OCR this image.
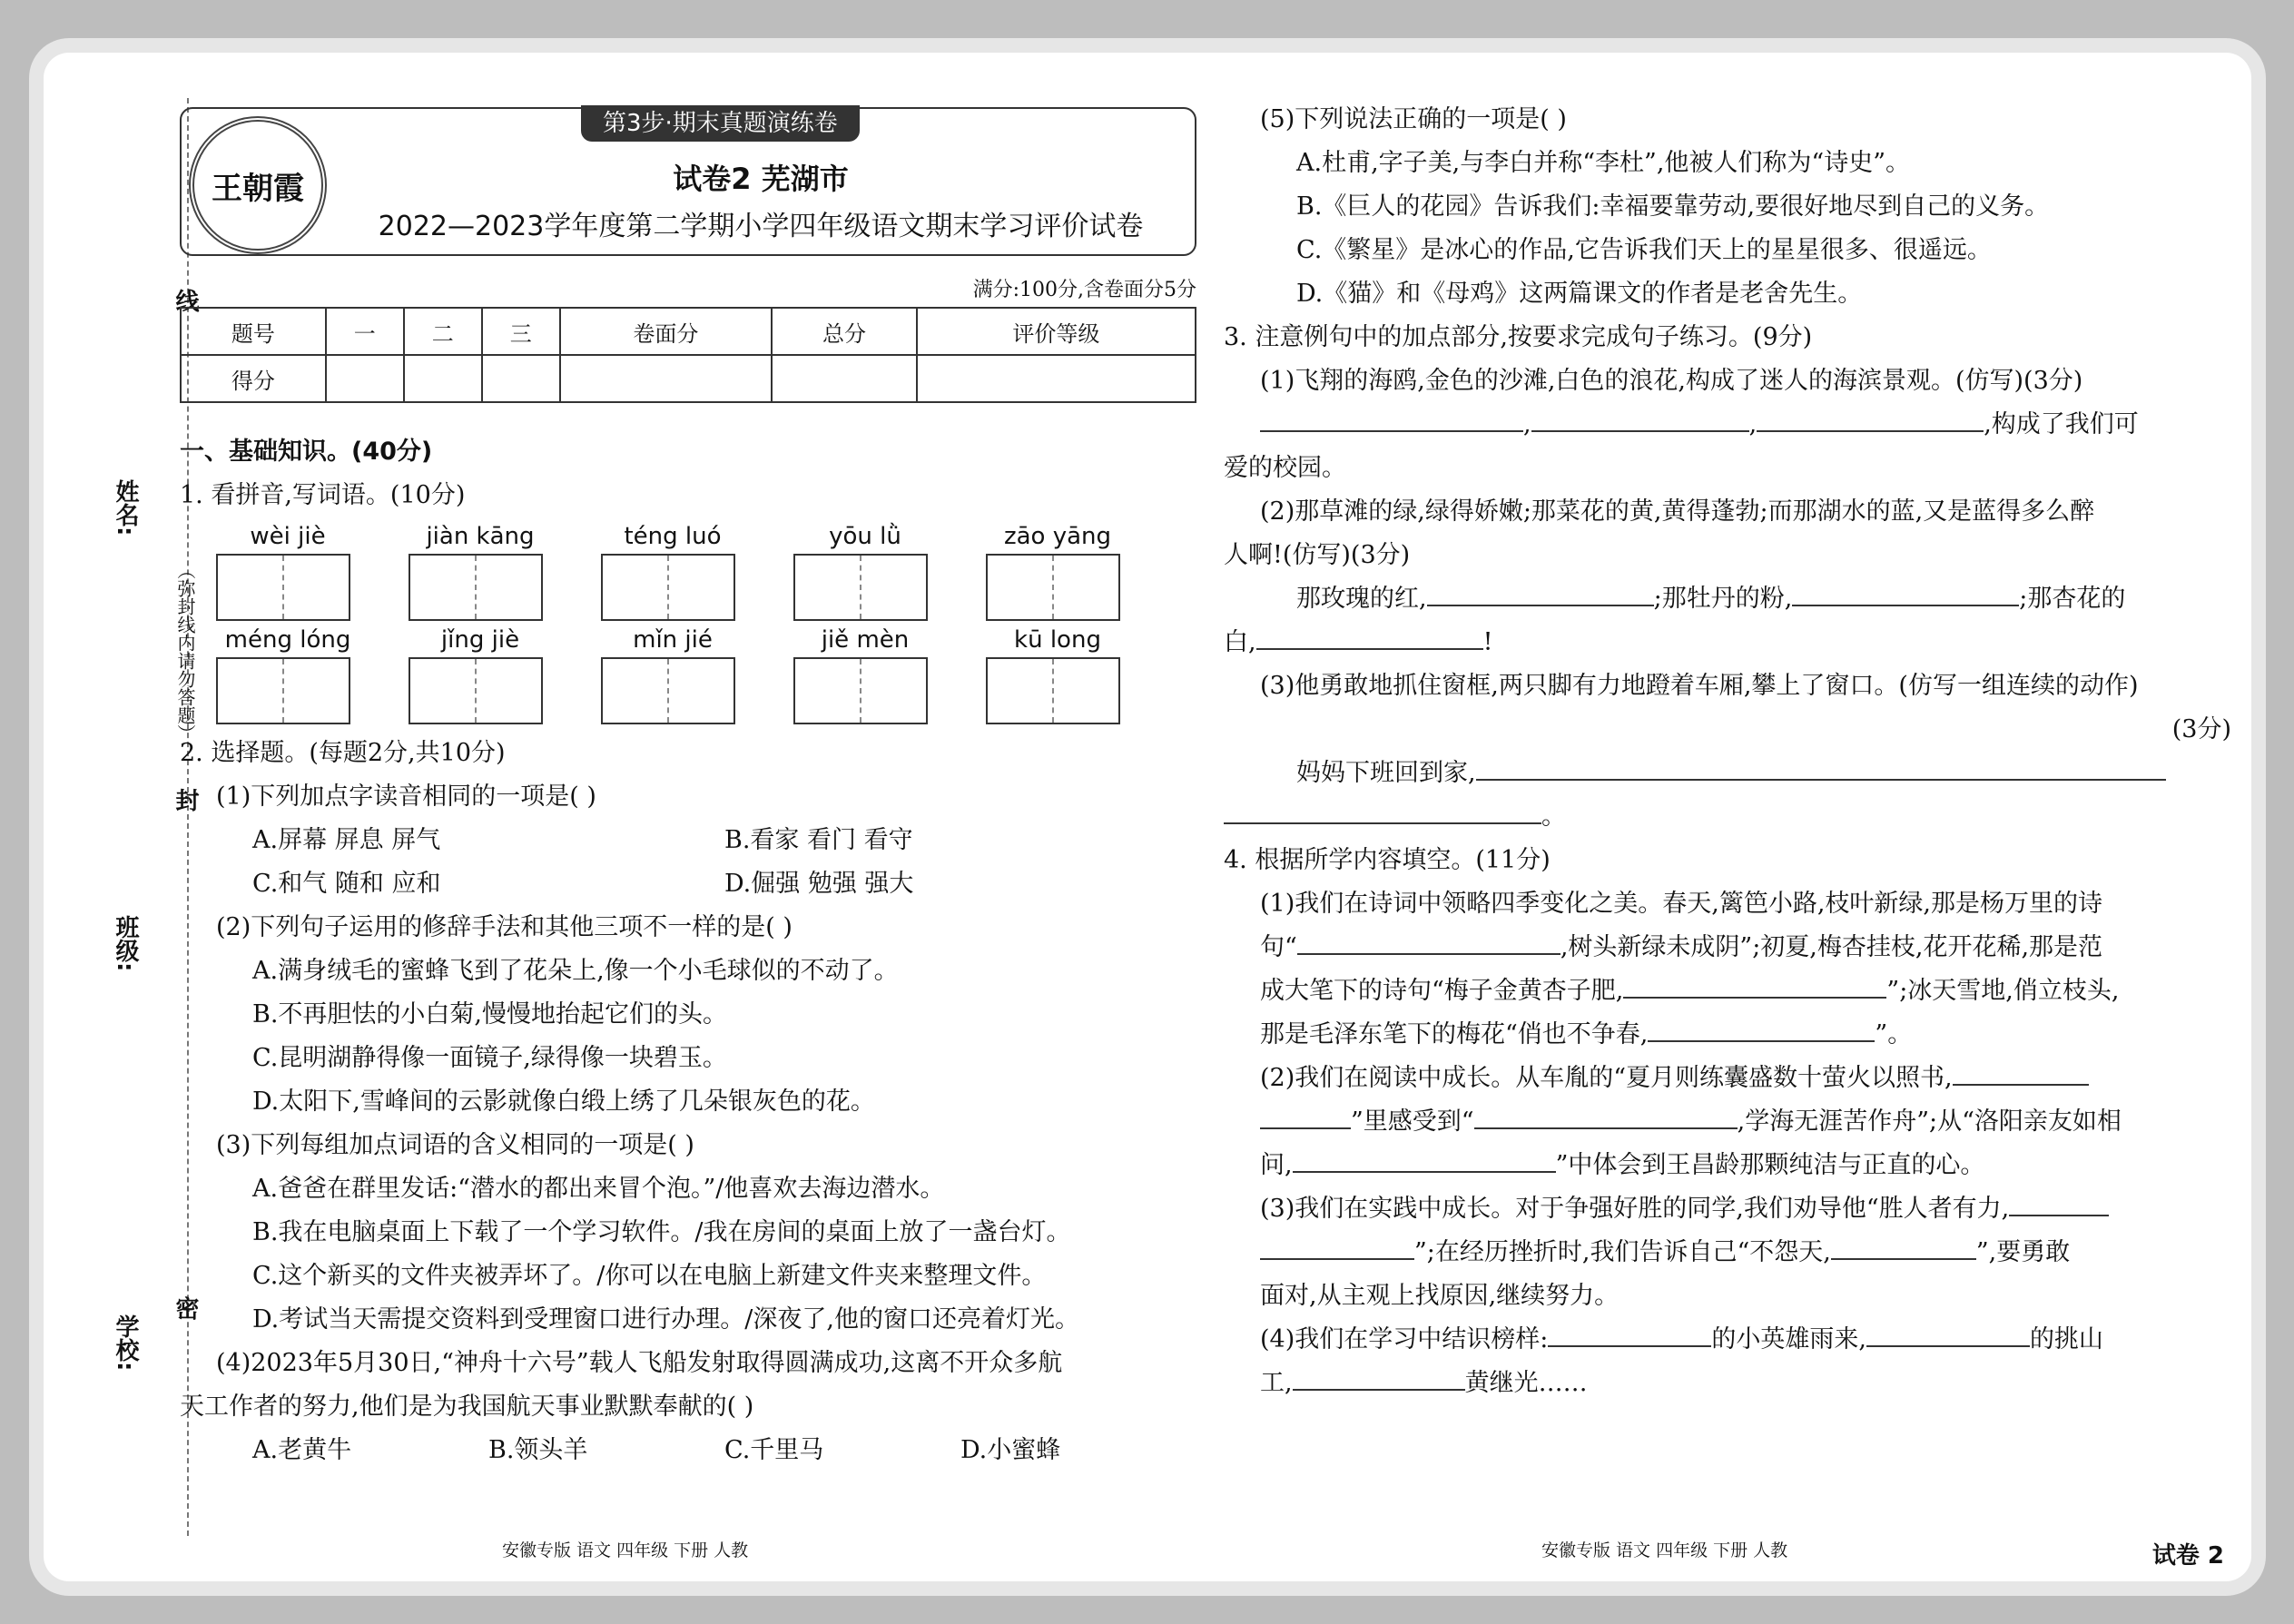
线
封
密
姓名:
班级:
学校:
（弥封线内请勿答题）
王朝霞
第3步·期末真题演练卷
试卷2 芜湖市
2022—2023学年度第二学期小学四年级语文期末学习评价试卷
满分:100分,含卷面分5分
题号	一	二	三	卷面分	总分	评价等级
得分						
一、基础知识。(40分)
1. 看拼音,写词语。(10分)
wèi jiè	jiàn kāng	téng luó	yōu lǜ	zāo yāng
méng lóng	jǐng jiè	mǐn jié	jiě mèn	kū long
2. 选择题。(每题2分,共10分)
(1)下列加点字读音相同的一项是( )
A.屏幕 屏息 屏气	B.看家 看门 看守
C.和气 随和 应和	D.倔强 勉强 强大
(2)下列句子运用的修辞手法和其他三项不一样的是( )
A.满身绒毛的蜜蜂飞到了花朵上,像一个小毛球似的不动了。
B.不再胆怯的小白菊,慢慢地抬起它们的头。
C.昆明湖静得像一面镜子,绿得像一块碧玉。
D.太阳下,雪峰间的云影就像白缎上绣了几朵银灰色的花。
(3)下列每组加点词语的含义相同的一项是( )
A.爸爸在群里发话:“潜水的都出来冒个泡。”/他喜欢去海边潜水。
B.我在电脑桌面上下载了一个学习软件。/我在房间的桌面上放了一盏台灯。
C.这个新买的文件夹被弄坏了。/你可以在电脑上新建文件夹来整理文件。
D.考试当天需提交资料到受理窗口进行办理。/深夜了,他的窗口还亮着灯光。
(4)2023年5月30日,“神舟十六号”载人飞船发射取得圆满成功,这离不开众多航
天工作者的努力,他们是为我国航天事业默默奉献的( )
A.老黄牛	B.领头羊	C.千里马	D.小蜜蜂
安徽专版 语文 四年级 下册 人教
(5)下列说法正确的一项是( )
A.杜甫,字子美,与李白并称“李杜”,他被人们称为“诗史”。
B.《巨人的花园》告诉我们:幸福要靠劳动,要很好地尽到自己的义务。
C.《繁星》是冰心的作品,它告诉我们天上的星星很多、很遥远。
D.《猫》和《母鸡》这两篇课文的作者是老舍先生。
3. 注意例句中的加点部分,按要求完成句子练习。(9分)
(1)飞翔的海鸥,金色的沙滩,白色的浪花,构成了迷人的海滨景观。(仿写)(3分)
,	,	,构成了我们可
爱的校园。
(2)那草滩的绿,绿得娇嫩;那菜花的黄,黄得蓬勃;而那湖水的蓝,又是蓝得多么醉
人啊!(仿写)(3分)
那玫瑰的红,	;那牡丹的粉,	;那杏花的
白,	!
(3)他勇敢地抓住窗框,两只脚有力地蹬着车厢,攀上了窗口。(仿写一组连续的动作)
(3分)
妈妈下班回到家,
。
4. 根据所学内容填空。(11分)
(1)我们在诗词中领略四季变化之美。春天,篱笆小路,枝叶新绿,那是杨万里的诗
句“	,树头新绿未成阴”;初夏,梅杏挂枝,花开花稀,那是范
成大笔下的诗句“梅子金黄杏子肥,	”;冰天雪地,俏立枝头,
那是毛泽东笔下的梅花“俏也不争春,	”。
(2)我们在阅读中成长。从车胤的“夏月则练囊盛数十萤火以照书,
”里感受到“	,学海无涯苦作舟”;从“洛阳亲友如相
问,	”中体会到王昌龄那颗纯洁与正直的心。
(3)我们在实践中成长。对于争强好胜的同学,我们劝导他“胜人者有力,
”;在经历挫折时,我们告诉自己“不怨天,	”,要勇敢
面对,从主观上找原因,继续努力。
(4)我们在学习中结识榜样:	的小英雄雨来,	的挑山
工,	黄继光……
安徽专版 语文 四年级 下册 人教	试卷 2
